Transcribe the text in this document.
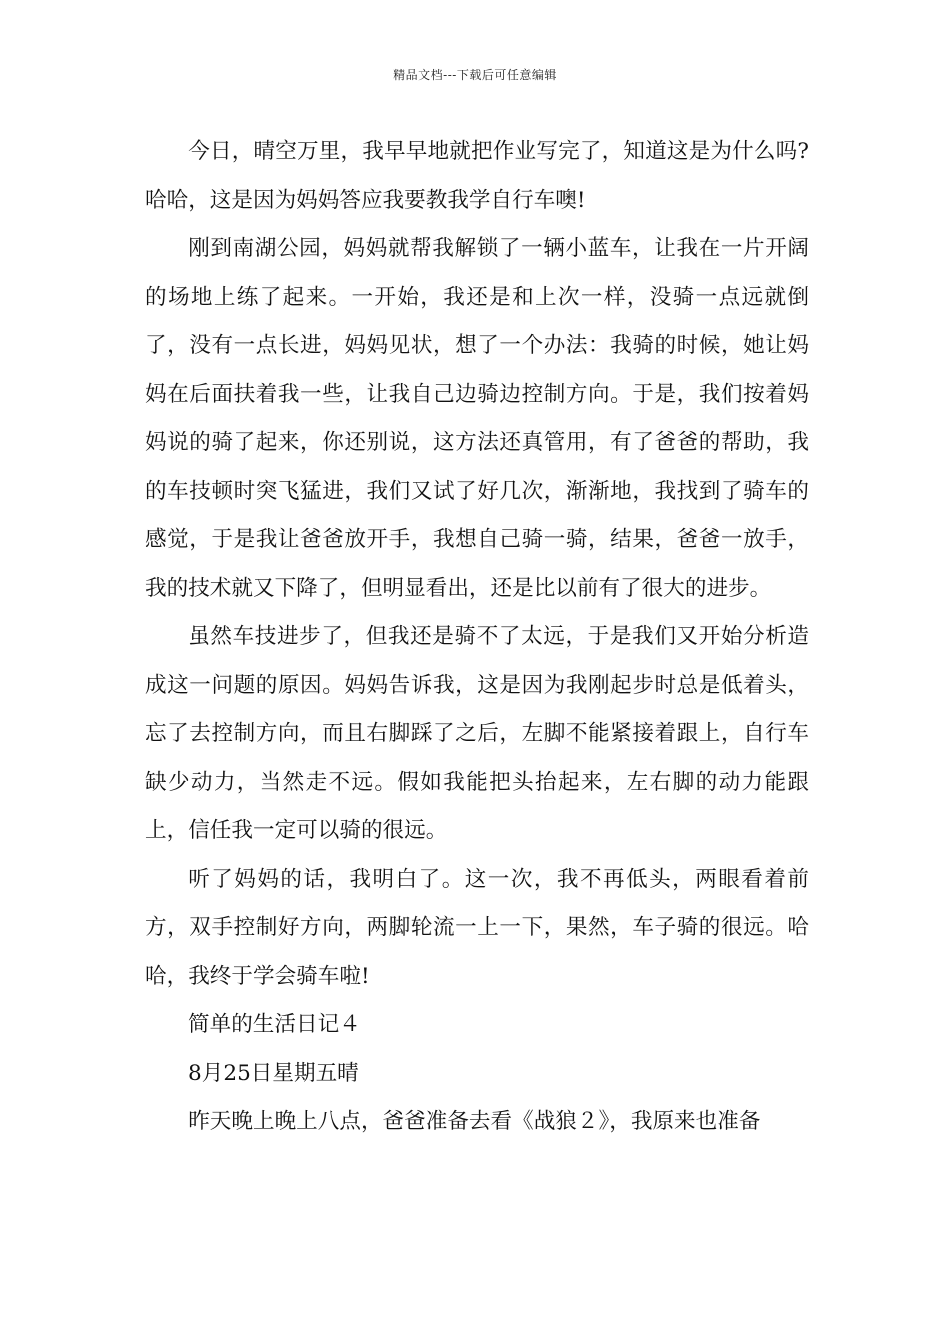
精品文档---下载后可任意编辑

今日，晴空万里，我早早地就把作业写完了，知道这是为什么吗?哈哈，这是因为妈妈答应我要教我学自行车噢!

刚到南湖公园，妈妈就帮我解锁了一辆小蓝车，让我在一片开阔的场地上练了起来。一开始，我还是和上次一样，没骑一点远就倒了，没有一点长进，妈妈见状，想了一个办法：我骑的时候，她让妈妈在后面扶着我一些，让我自己边骑边控制方向。于是，我们按着妈妈说的骑了起来，你还别说，这方法还真管用，有了爸爸的帮助，我的车技顿时突飞猛进，我们又试了好几次，渐渐地，我找到了骑车的感觉，于是我让爸爸放开手，我想自己骑一骑，结果，爸爸一放手，我的技术就又下降了，但明显看出，还是比以前有了很大的进步。

虽然车技进步了，但我还是骑不了太远，于是我们又开始分析造成这一问题的原因。妈妈告诉我，这是因为我刚起步时总是低着头，忘了去控制方向，而且右脚踩了之后，左脚不能紧接着跟上，自行车缺少动力，当然走不远。假如我能把头抬起来，左右脚的动力能跟上，信任我一定可以骑的很远。

听了妈妈的话，我明白了。这一次，我不再低头，两眼看着前方，双手控制好方向，两脚轮流一上一下，果然，车子骑的很远。哈哈，我终于学会骑车啦!

简单的生活日记４

8月25日星期五晴

昨天晚上晚上八点，爸爸准备去看《战狼２》，我原来也准备
